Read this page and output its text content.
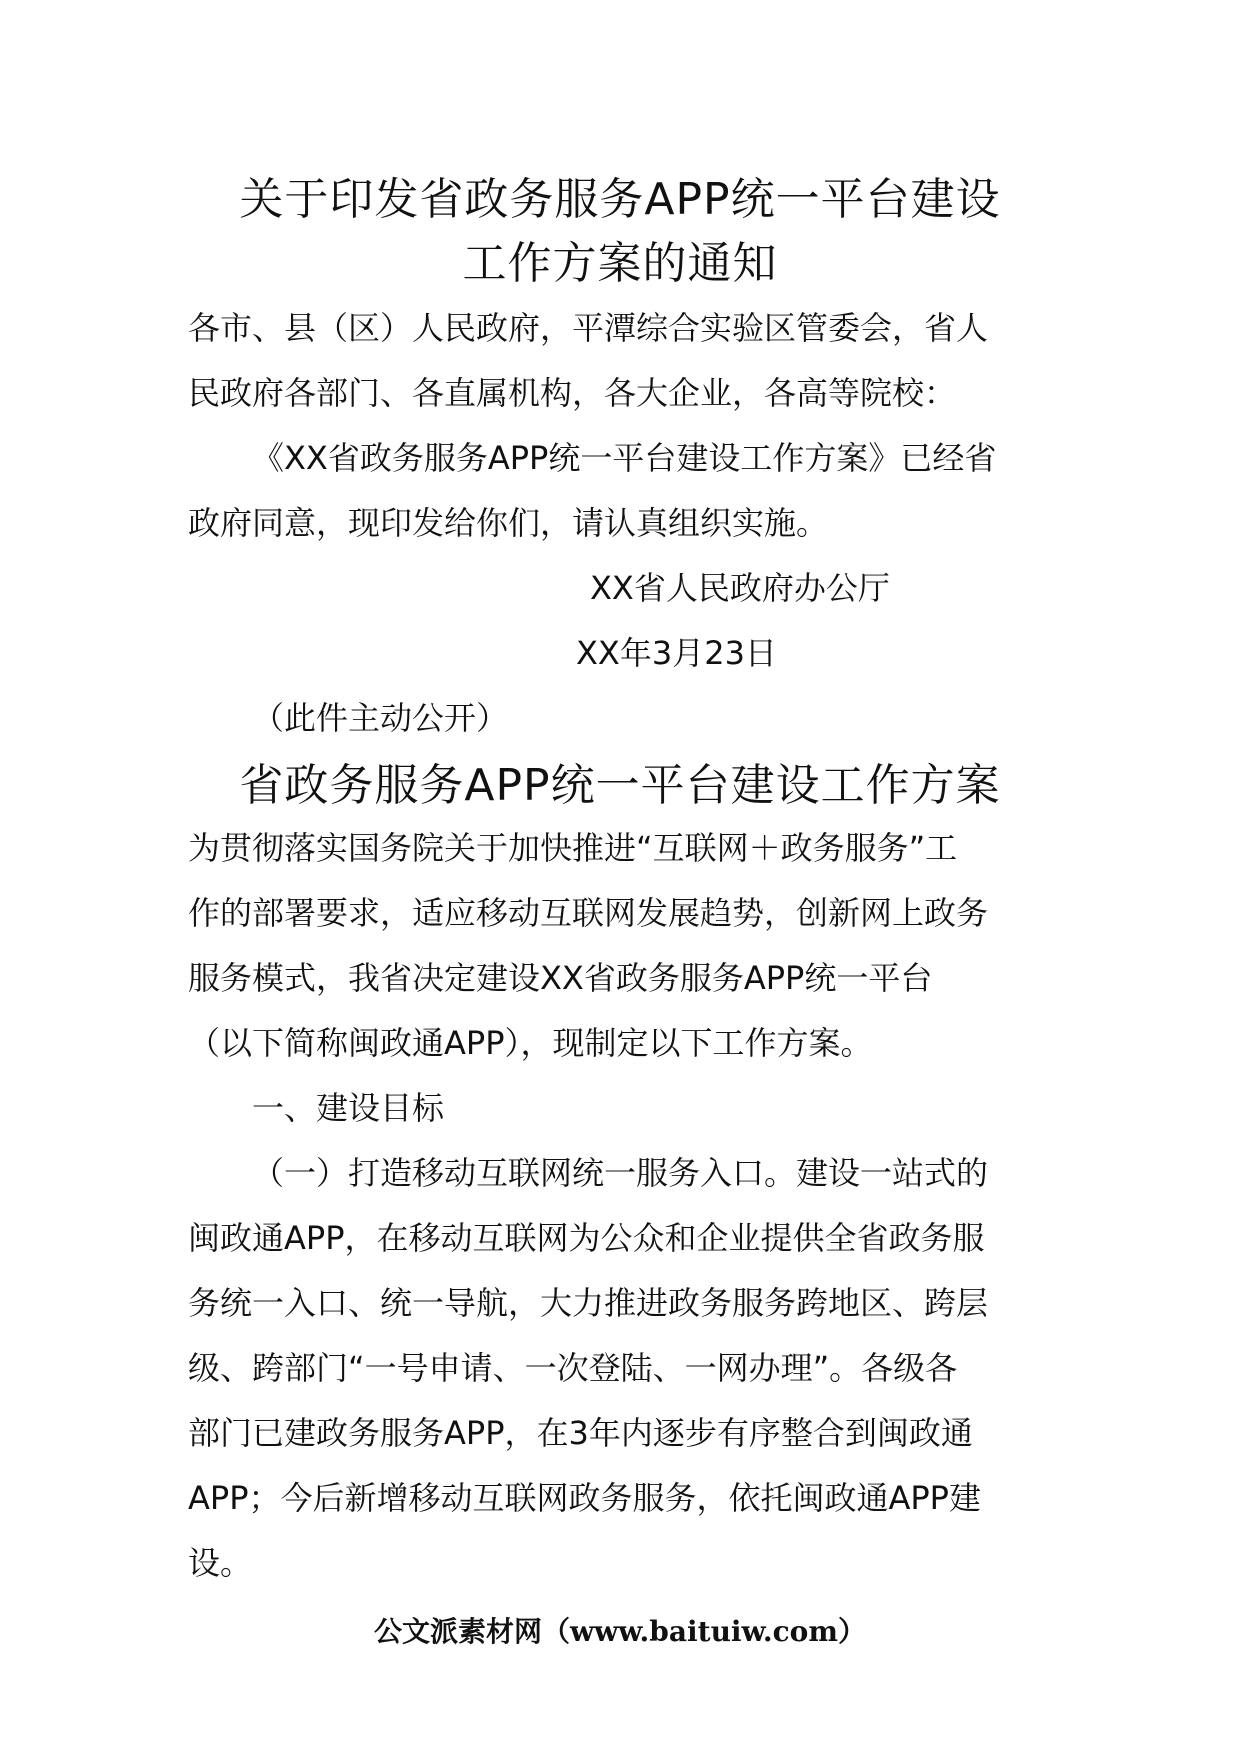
关于印发省政务服务APP统一平台建设
工作方案的通知

各市、县（区）人民政府，平潭综合实验区管委会，省人

民政府各部门、各直属机构，各大企业，各高等院校：

《XX省政务服务APP统一平台建设工作方案》已经省

政府同意，现印发给你们，请认真组织实施。

XX省人民政府办公厅

XX年3月23日

（此件主动公开）

省政务服务APP统一平台建设工作方案

为贯彻落实国务院关于加快推进“互联网＋政务服务”工

作的部署要求，适应移动互联网发展趋势，创新网上政务

服务模式，我省决定建设XX省政务服务APP统一平台

（以下简称闽政通APP），现制定以下工作方案。

一、建设目标

（一）打造移动互联网统一服务入口。建设一站式的

闽政通APP，在移动互联网为公众和企业提供全省政务服

务统一入口、统一导航，大力推进政务服务跨地区、跨层

级、跨部门“一号申请、一次登陆、一网办理”。各级各

部门已建政务服务APP，在3年内逐步有序整合到闽政通

APP；今后新增移动互联网政务服务，依托闽政通APP建

设。

公文派素材网（www.baituiw.com）
